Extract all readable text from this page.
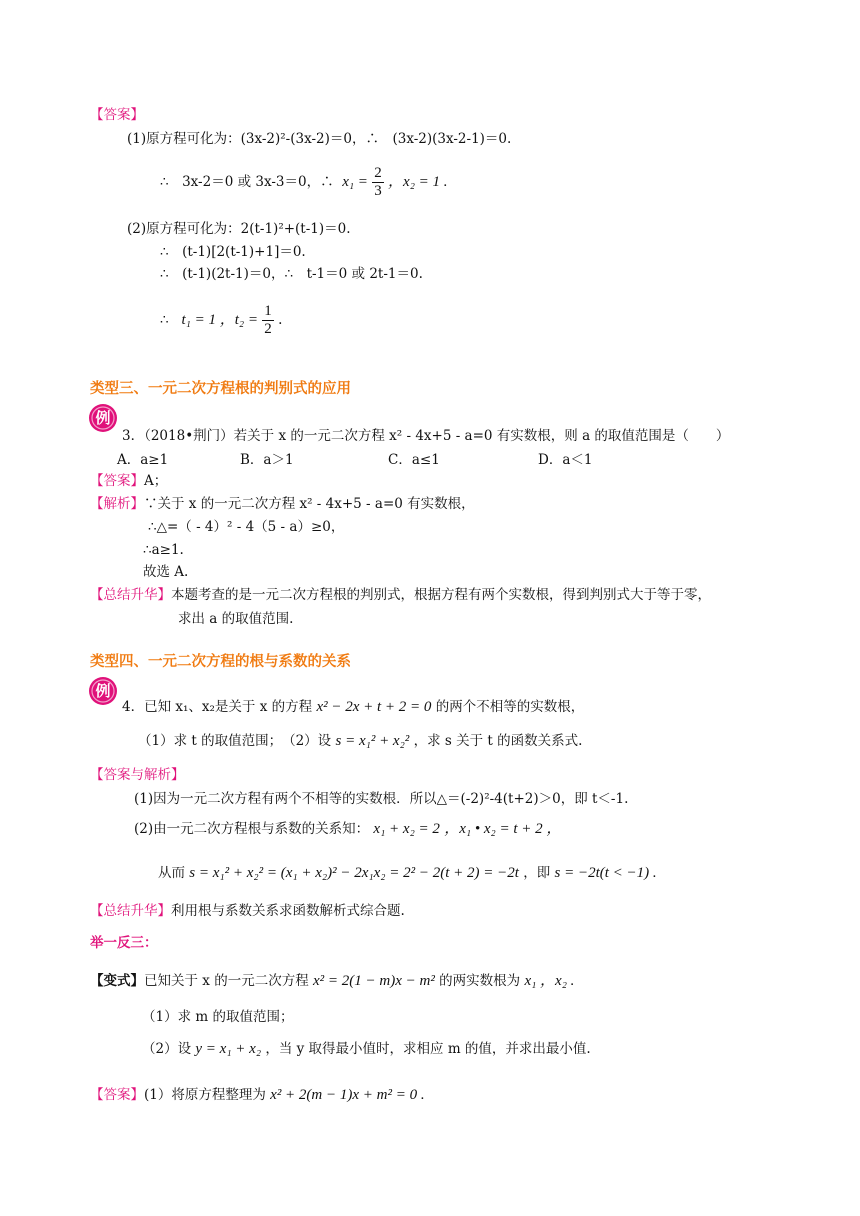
【答案】
(1)原方程可化为：(3x-2)²-(3x-2)＝0，∴　(3x-2)(3x-2-1)＝0.
∴　3x-2＝0 或 3x-3＝0，∴ $x_1 = \frac{2}{3}$ ，x₂ = 1 .
(2)原方程可化为：2(t-1)²+(t-1)＝0.
∴　(t-1)[2(t-1)+1]＝0.
∴　(t-1)(2t-1)＝0，∴　t-1＝0 或 2t-1＝0.
∴ t₁ = 1 ，$t_2 = \frac{1}{2}$ .
类型三、一元二次方程根的判别式的应用
例
3．（2018•荆门）若关于 x 的一元二次方程 x² - 4x+5 - a=0 有实数根，则 a 的取值范围是（　　）
A．a≥1	B．a＞1	C．a≤1	D．a＜1
【答案】A；
【解析】∵关于 x 的一元二次方程 x² - 4x+5 - a=0 有实数根，
∴△=（ - 4）² - 4（5 - a）≥0，
∴a≥1.
故选 A.
【总结升华】本题考查的是一元二次方程根的判别式，根据方程有两个实数根，得到判别式大于等于零，
求出 a 的取值范围.
类型四、一元二次方程的根与系数的关系
例
4．已知 x₁、x₂是关于 x 的方程 x² − 2x + t + 2 = 0 的两个不相等的实数根，
（1）求 t 的取值范围；　（2）设 s = x₁² + x₂² ，求 s 关于 t 的函数关系式.
【答案与解析】
(1)因为一元二次方程有两个不相等的实数根．所以△＝(-2)²-4(t+2)＞0，即 t＜-1.
(2)由一元二次方程根与系数的关系知： x₁ + x₂ = 2 ，x₁ • x₂ = t + 2 ，
从而 s = x₁² + x₂² = (x₁ + x₂)² − 2x₁x₂ = 2² − 2(t + 2) = −2t ，即 s = −2t(t < −1) .
【总结升华】利用根与系数关系求函数解析式综合题.
举一反三：
【变式】已知关于 x 的一元二次方程 x² = 2(1 − m)x − m² 的两实数根为 x₁ ，x₂ .
（1）求 m 的取值范围；
（2）设 y = x₁ + x₂ ，当 y 取得最小值时，求相应 m 的值，并求出最小值.
【答案】(1）将原方程整理为 x² + 2(m − 1)x + m² = 0 .
